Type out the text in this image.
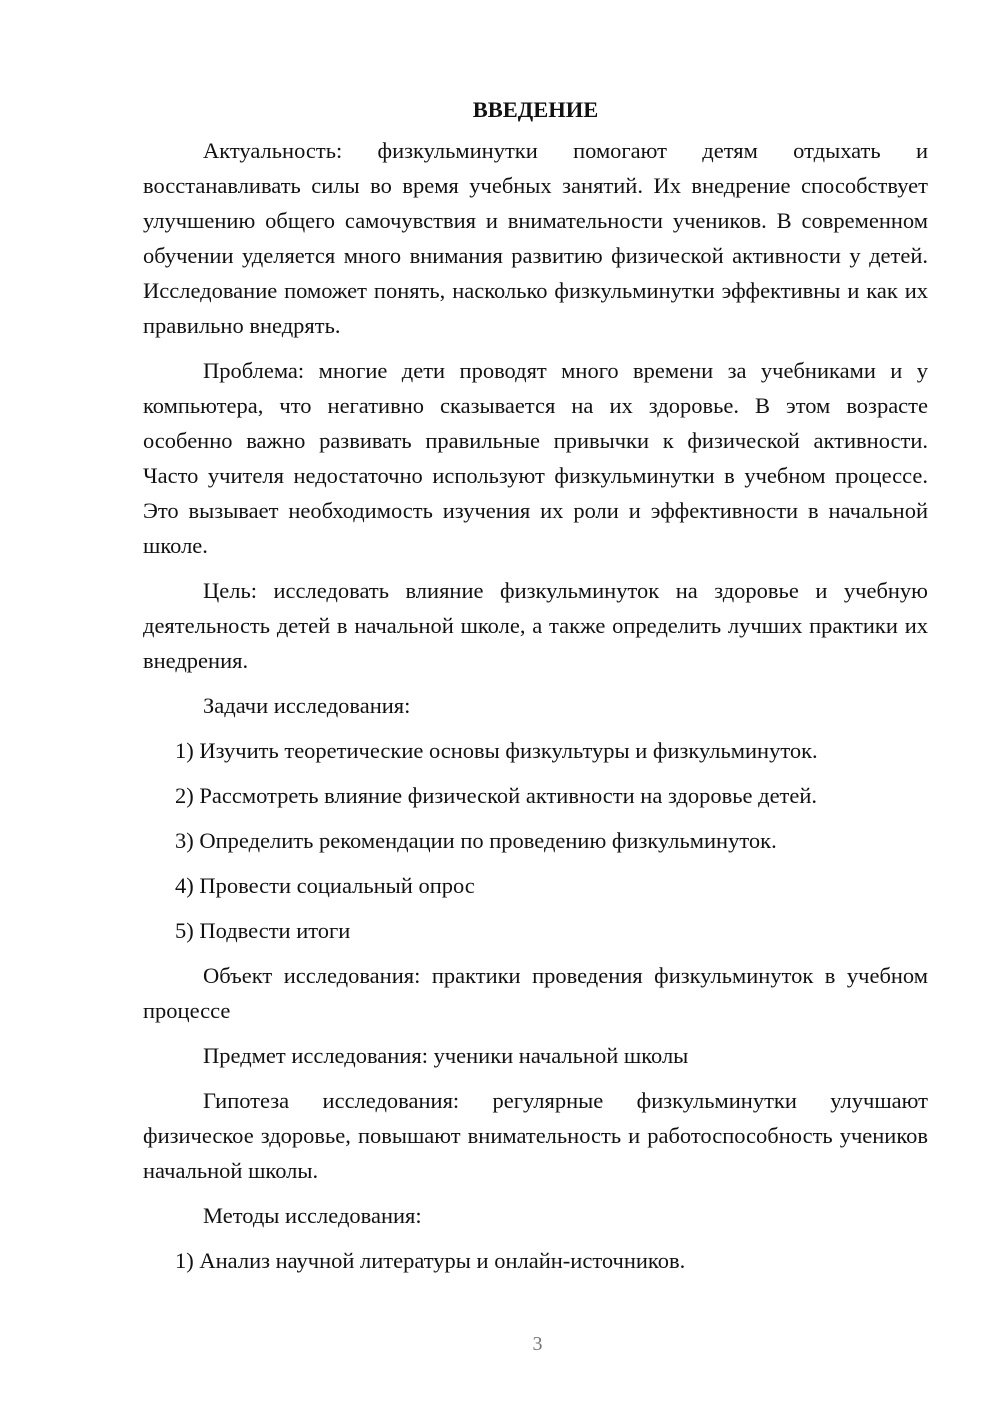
ВВЕДЕНИЕ

Актуальность: физкульминутки помогают детям отдыхать и восстанавливать силы во время учебных занятий. Их внедрение способствует улучшению общего самочувствия и внимательности учеников. В современном обучении уделяется много внимания развитию физической активности у детей. Исследование поможет понять, насколько физкульминутки эффективны и как их правильно внедрять.

Проблема: многие дети проводят много времени за учебниками и у компьютера, что негативно сказывается на их здоровье. В этом возрасте особенно важно развивать правильные привычки к физической активности. Часто учителя недостаточно используют физкульминутки в учебном процессе. Это вызывает необходимость изучения их роли и эффективности в начальной школе.

Цель: исследовать влияние физкульминуток на здоровье и учебную деятельность детей в начальной школе, а также определить лучших практики их внедрения.

Задачи исследования:

1) Изучить теоретические основы физкультуры и физкульминуток.
2) Рассмотреть влияние физической активности на здоровье детей.
3) Определить рекомендации по проведению физкульминуток.
4) Провести социальный опрос
5) Подвести итоги

Объект исследования: практики проведения физкульминуток в учебном процессе

Предмет исследования: ученики начальной школы

Гипотеза исследования: регулярные физкульминутки улучшают физическое здоровье, повышают внимательность и работоспособность учеников начальной школы.

Методы исследования:

1) Анализ научной литературы и онлайн-источников.
3
